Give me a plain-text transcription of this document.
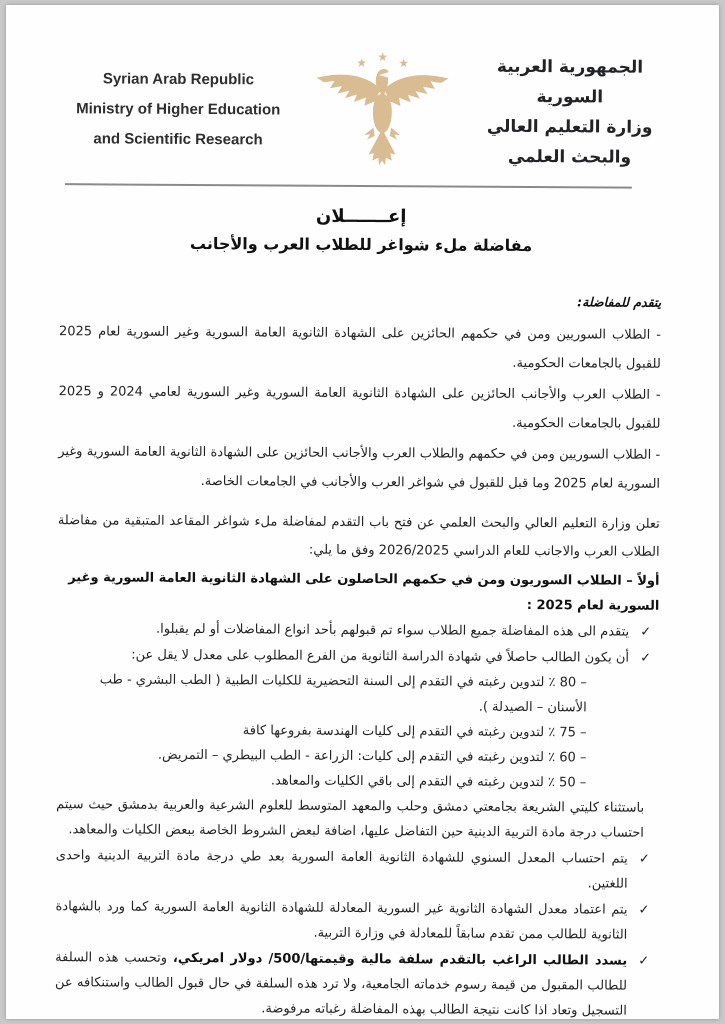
Syrian Arab Republic
Ministry of Higher Education
and Scientific Research
الجمهورية العربية السورية
وزارة التعليم العالي
والبحث العلمي
إعـــــــلان
مفاضلة ملء شواغر للطلاب العرب والأجانب
يتقدم للمفاضلة:
- الطلاب السوريين ومن في حكمهم الحائزين على الشهادة الثانوية العامة السورية وغير السورية لعام 2025 للقبول بالجامعات الحكومية.
- الطلاب العرب والأجانب الحائزين على الشهادة الثانوية العامة السورية وغير السورية لعامي 2024 و 2025 للقبول بالجامعات الحكومية.
- الطلاب السوريين ومن في حكمهم والطلاب العرب والأجانب الحائزين على الشهادة الثانوية العامة السورية وغير السورية لعام 2025 وما قبل للقبول في شواغر العرب والأجانب في الجامعات الخاصة.
تعلن وزارة التعليم العالي والبحث العلمي عن فتح باب التقدم لمفاضلة ملء شواغر المقاعد المتبقية من مفاضلة الطلاب العرب والاجانب للعام الدراسي 2026/2025 وفق ما يلي:
أولاً – الطلاب السوريون ومن في حكمهم الحاصلون على الشهادة الثانوية العامة السورية وغير السورية لعام 2025 :
✓
يتقدم الى هذه المفاضلة جميع الطلاب سواء تم قبولهم بأحد انواع المفاضلات أو لم يقبلوا.
✓
أن يكون الطالب حاصلاً في شهادة الدراسة الثانوية من الفرع المطلوب على معدل لا يقل عن:
– 80 ٪ لتدوين رغبته في التقدم إلى السنة التحضيرية للكليات الطبية ( الطب البشري - طب الأسنان – الصيدلة ).
– 75 ٪ لتدوين رغبته في التقدم إلى كليات الهندسة بفروعها كافة
– 60 ٪ لتدوين رغبته في التقدم إلى كليات: الزراعة - الطب البيطري – التمريض.
– 50 ٪ لتدوين رغبته في التقدم إلى باقي الكليات والمعاهد.
باستثناء كليتي الشريعة بجامعتي دمشق وحلب والمعهد المتوسط للعلوم الشرعية والعربية بدمشق حيث سيتم احتساب درجة مادة التربية الدينية حين التفاضل عليها، اضافة لبعض الشروط الخاصة ببعض الكليات والمعاهد.
✓
يتم احتساب المعدل السنوي للشهادة الثانوية العامة السورية بعد طي درجة مادة التربية الدينية واحدى اللغتين.
✓
يتم اعتماد معدل الشهادة الثانوية غير السورية المعادلة للشهادة الثانوية العامة السورية كما ورد بالشهادة الثانوية للطالب ممن تقدم سابقاً للمعادلة في وزارة التربية.
✓
يسدد الطالب الراغب بالتقدم سلفة مالية وقيمتها/500/ دولار امريكي، وتحسب هذه السلفة للطالب المقبول من قيمة رسوم خدماته الجامعية، ولا ترد هذه السلفة في حال قبول الطالب واستنكافه عن التسجيل وتعاد اذا كانت نتيجة الطالب بهذه المفاضلة رغباته مرفوضة.
